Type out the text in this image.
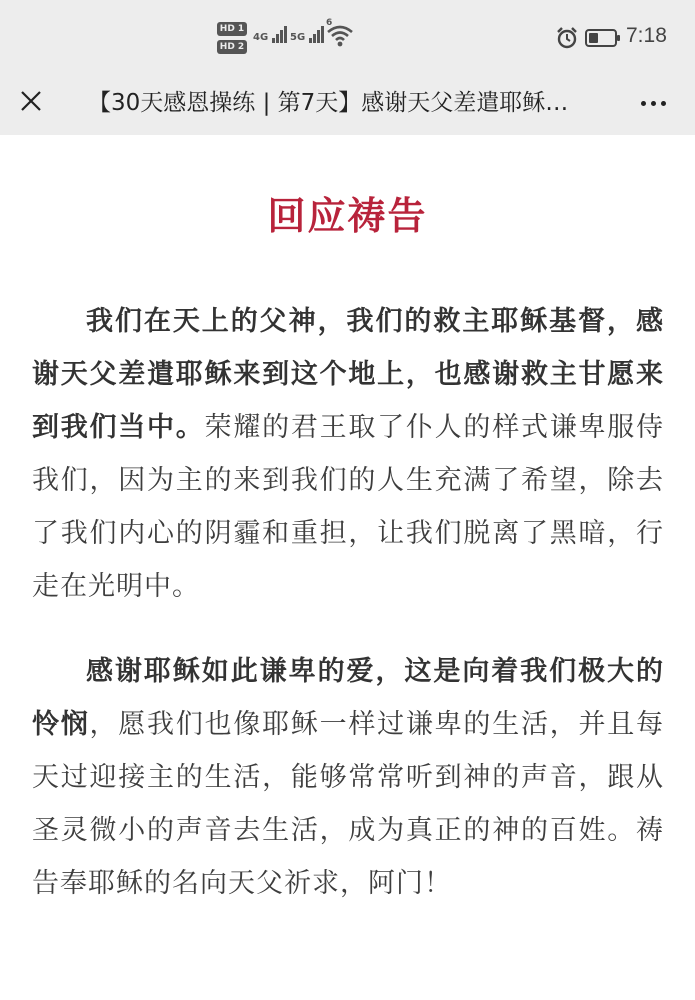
HD 1
HD 2
4G	5G
6
7:18
【30天感恩操练 | 第7天】感谢天父差遣耶稣…
回应祷告

我们在天上的父神，我们的救主耶稣基督，感谢天父差遣耶稣来到这个地上，也感谢救主甘愿来到我们当中。荣耀的君王取了仆人的样式谦卑服侍我们，因为主的来到我们的人生充满了希望，除去了我们内心的阴霾和重担，让我们脱离了黑暗，行走在光明中。

感谢耶稣如此谦卑的爱，这是向着我们极大的怜悯，愿我们也像耶稣一样过谦卑的生活，并且每天过迎接主的生活，能够常常听到神的声音，跟从圣灵微小的声音去生活，成为真正的神的百姓。祷告奉耶稣的名向天父祈求，阿门！
